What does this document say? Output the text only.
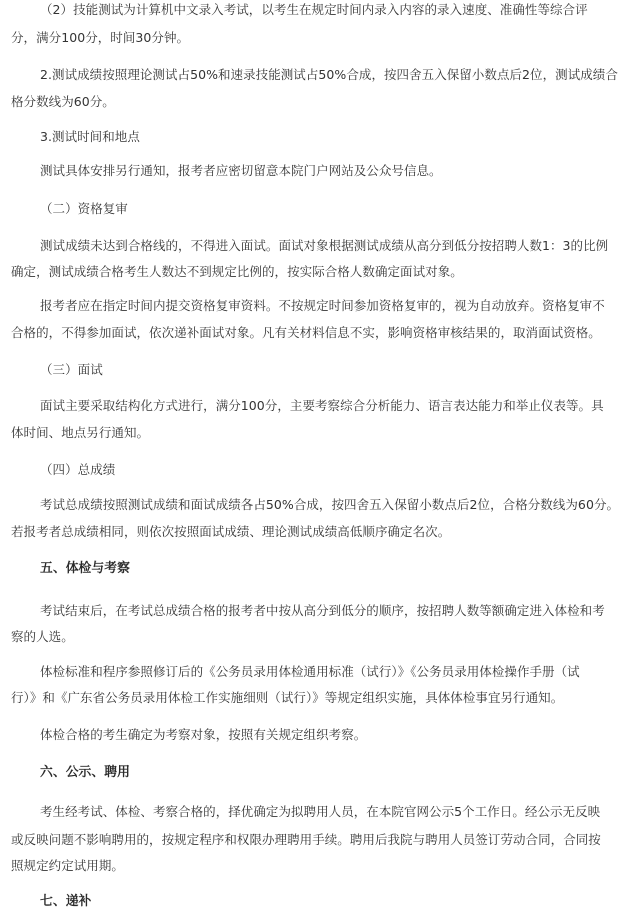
（2）技能测试为计算机中文录入考试，以考生在规定时间内录入内容的录入速度、准确性等综合评
分，满分100分，时间30分钟。
2.测试成绩按照理论测试占50%和速录技能测试占50%合成，按四舍五入保留小数点后2位，测试成绩合
格分数线为60分。
3.测试时间和地点
测试具体安排另行通知，报考者应密切留意本院门户网站及公众号信息。
（二）资格复审
测试成绩未达到合格线的，不得进入面试。面试对象根据测试成绩从高分到低分按招聘人数1：3的比例
确定，测试成绩合格考生人数达不到规定比例的，按实际合格人数确定面试对象。
报考者应在指定时间内提交资格复审资料。不按规定时间参加资格复审的，视为自动放弃。资格复审不
合格的，不得参加面试，依次递补面试对象。凡有关材料信息不实，影响资格审核结果的，取消面试资格。
（三）面试
面试主要采取结构化方式进行，满分100分，主要考察综合分析能力、语言表达能力和举止仪表等。具
体时间、地点另行通知。
（四）总成绩
考试总成绩按照测试成绩和面试成绩各占50%合成，按四舍五入保留小数点后2位，合格分数线为60分。
若报考者总成绩相同，则依次按照面试成绩、理论测试成绩高低顺序确定名次。
五、体检与考察
考试结束后，在考试总成绩合格的报考者中按从高分到低分的顺序，按招聘人数等额确定进入体检和考
察的人选。
体检标准和程序参照修订后的《公务员录用体检通用标准（试行）》《公务员录用体检操作手册（试
行）》和《广东省公务员录用体检工作实施细则（试行）》等规定组织实施，具体体检事宜另行通知。
体检合格的考生确定为考察对象，按照有关规定组织考察。
六、公示、聘用
考生经考试、体检、考察合格的，择优确定为拟聘用人员，在本院官网公示5个工作日。经公示无反映
或反映问题不影响聘用的，按规定程序和权限办理聘用手续。聘用后我院与聘用人员签订劳动合同，合同按
照规定约定试用期。
七、递补
